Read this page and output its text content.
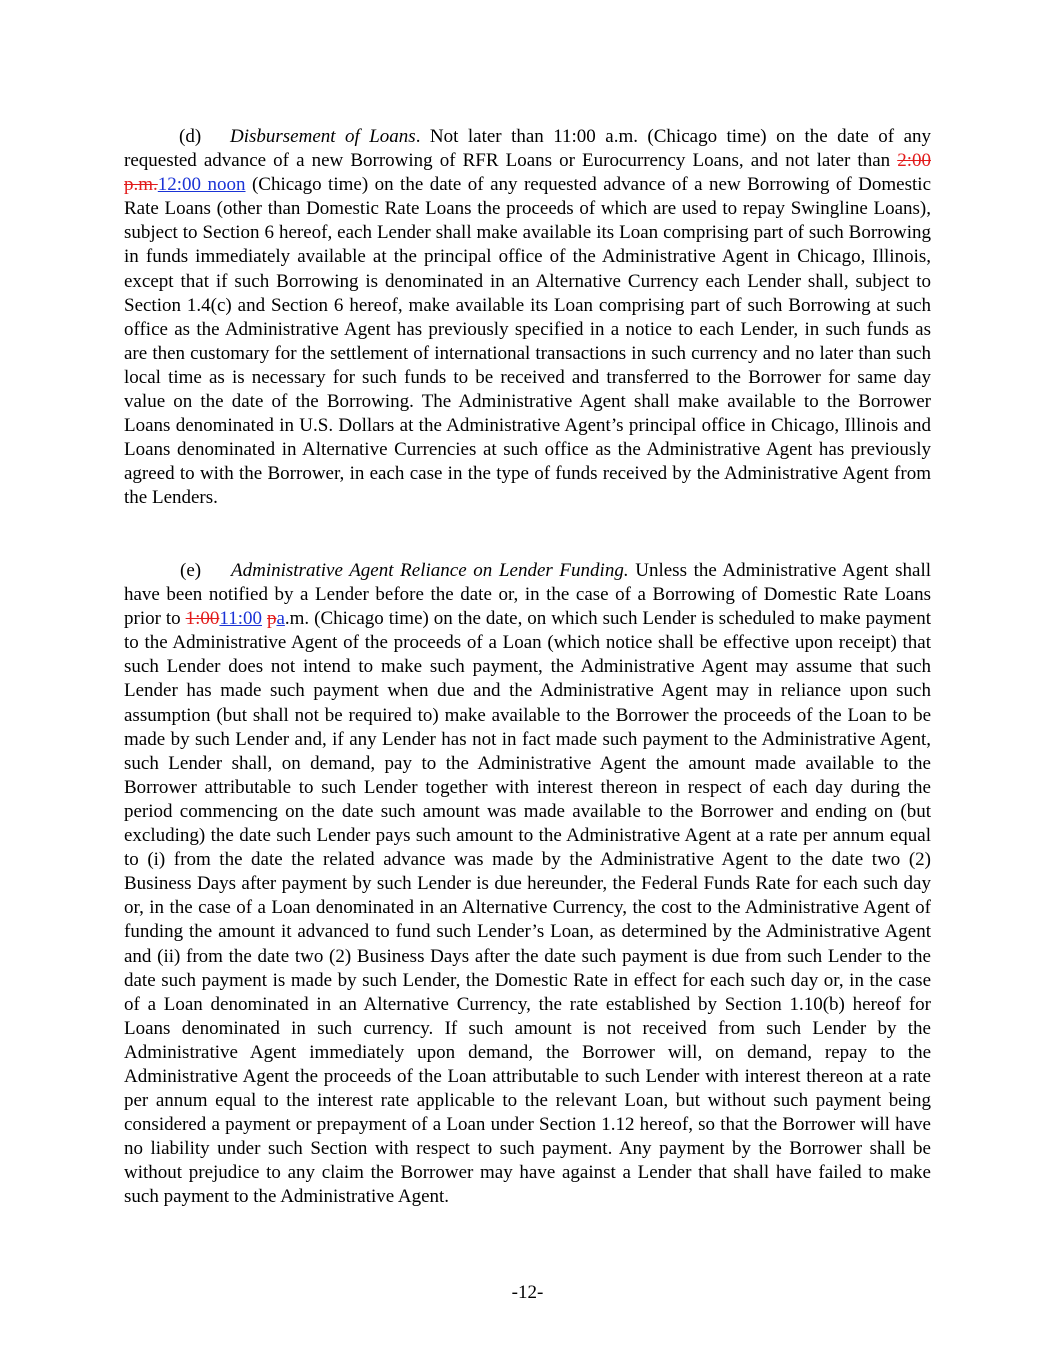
(d) Disbursement of Loans. Not later than 11:00 a.m. (Chicago time) on the date of any requested advance of a new Borrowing of RFR Loans or Eurocurrency Loans, and not later than 2:00 p.m.12:00 noon (Chicago time) on the date of any requested advance of a new Borrowing of Domestic Rate Loans (other than Domestic Rate Loans the proceeds of which are used to repay Swingline Loans), subject to Section 6 hereof, each Lender shall make available its Loan comprising part of such Borrowing in funds immediately available at the principal office of the Administrative Agent in Chicago, Illinois, except that if such Borrowing is denominated in an Alternative Currency each Lender shall, subject to Section 1.4(c) and Section 6 hereof, make available its Loan comprising part of such Borrowing at such office as the Administrative Agent has previously specified in a notice to each Lender, in such funds as are then customary for the settlement of international transactions in such currency and no later than such local time as is necessary for such funds to be received and transferred to the Borrower for same day value on the date of the Borrowing. The Administrative Agent shall make available to the Borrower Loans denominated in U.S. Dollars at the Administrative Agent’s principal office in Chicago, Illinois and Loans denominated in Alternative Currencies at such office as the Administrative Agent has previously agreed to with the Borrower, in each case in the type of funds received by the Administrative Agent from the Lenders.

(e) Administrative Agent Reliance on Lender Funding. Unless the Administrative Agent shall have been notified by a Lender before the date or, in the case of a Borrowing of Domestic Rate Loans prior to 1:0011:00 pa.m. (Chicago time) on the date, on which such Lender is scheduled to make payment to the Administrative Agent of the proceeds of a Loan (which notice shall be effective upon receipt) that such Lender does not intend to make such payment, the Administrative Agent may assume that such Lender has made such payment when due and the Administrative Agent may in reliance upon such assumption (but shall not be required to) make available to the Borrower the proceeds of the Loan to be made by such Lender and, if any Lender has not in fact made such payment to the Administrative Agent, such Lender shall, on demand, pay to the Administrative Agent the amount made available to the Borrower attributable to such Lender together with interest thereon in respect of each day during the period commencing on the date such amount was made available to the Borrower and ending on (but excluding) the date such Lender pays such amount to the Administrative Agent at a rate per annum equal to (i) from the date the related advance was made by the Administrative Agent to the date two (2) Business Days after payment by such Lender is due hereunder, the Federal Funds Rate for each such day or, in the case of a Loan denominated in an Alternative Currency, the cost to the Administrative Agent of funding the amount it advanced to fund such Lender’s Loan, as determined by the Administrative Agent and (ii) from the date two (2) Business Days after the date such payment is due from such Lender to the date such payment is made by such Lender, the Domestic Rate in effect for each such day or, in the case of a Loan denominated in an Alternative Currency, the rate established by Section 1.10(b) hereof for Loans denominated in such currency. If such amount is not received from such Lender by the Administrative Agent immediately upon demand, the Borrower will, on demand, repay to the Administrative Agent the proceeds of the Loan attributable to such Lender with interest thereon at a rate per annum equal to the interest rate applicable to the relevant Loan, but without such payment being considered a payment or prepayment of a Loan under Section 1.12 hereof, so that the Borrower will have no liability under such Section with respect to such payment. Any payment by the Borrower shall be without prejudice to any claim the Borrower may have against a Lender that shall have failed to make such payment to the Administrative Agent.

-12-
